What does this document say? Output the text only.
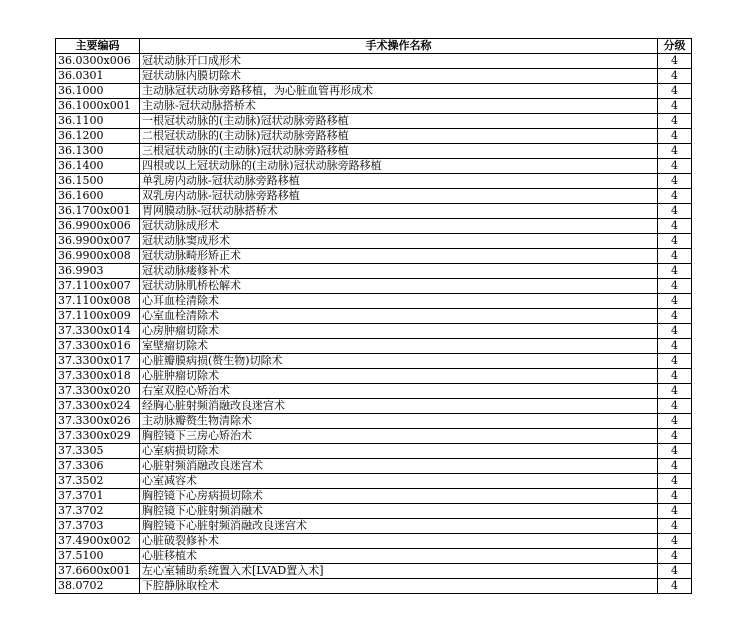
主要编码	手术操作名称	分级
36.0300x006	冠状动脉开口成形术	4
36.0301	冠状动脉内膜切除术	4
36.1000	主动脉冠状动脉旁路移植，为心脏血管再形成术	4
36.1000x001	主动脉-冠状动脉搭桥术	4
36.1100	一根冠状动脉的(主动脉)冠状动脉旁路移植	4
36.1200	二根冠状动脉的(主动脉)冠状动脉旁路移植	4
36.1300	三根冠状动脉的(主动脉)冠状动脉旁路移植	4
36.1400	四根或以上冠状动脉的(主动脉)冠状动脉旁路移植	4
36.1500	单乳房内动脉-冠状动脉旁路移植	4
36.1600	双乳房内动脉-冠状动脉旁路移植	4
36.1700x001	胃网膜动脉-冠状动脉搭桥术	4
36.9900x006	冠状动脉成形术	4
36.9900x007	冠状动脉窦成形术	4
36.9900x008	冠状动脉畸形矫正术	4
36.9903	冠状动脉瘘修补术	4
37.1100x007	冠状动脉肌桥松解术	4
37.1100x008	心耳血栓清除术	4
37.1100x009	心室血栓清除术	4
37.3300x014	心房肿瘤切除术	4
37.3300x016	室壁瘤切除术	4
37.3300x017	心脏瓣膜病损(赘生物)切除术	4
37.3300x018	心脏肿瘤切除术	4
37.3300x020	右室双腔心矫治术	4
37.3300x024	经胸心脏射频消融改良迷宫术	4
37.3300x026	主动脉瓣赘生物清除术	4
37.3300x029	胸腔镜下三房心矫治术	4
37.3305	心室病损切除术	4
37.3306	心脏射频消融改良迷宫术	4
37.3502	心室减容术	4
37.3701	胸腔镜下心房病损切除术	4
37.3702	胸腔镜下心脏射频消融术	4
37.3703	胸腔镜下心脏射频消融改良迷宫术	4
37.4900x002	心脏破裂修补术	4
37.5100	心脏移植术	4
37.6600x001	左心室辅助系统置入术[LVAD置入术]	4
38.0702	下腔静脉取栓术	4
